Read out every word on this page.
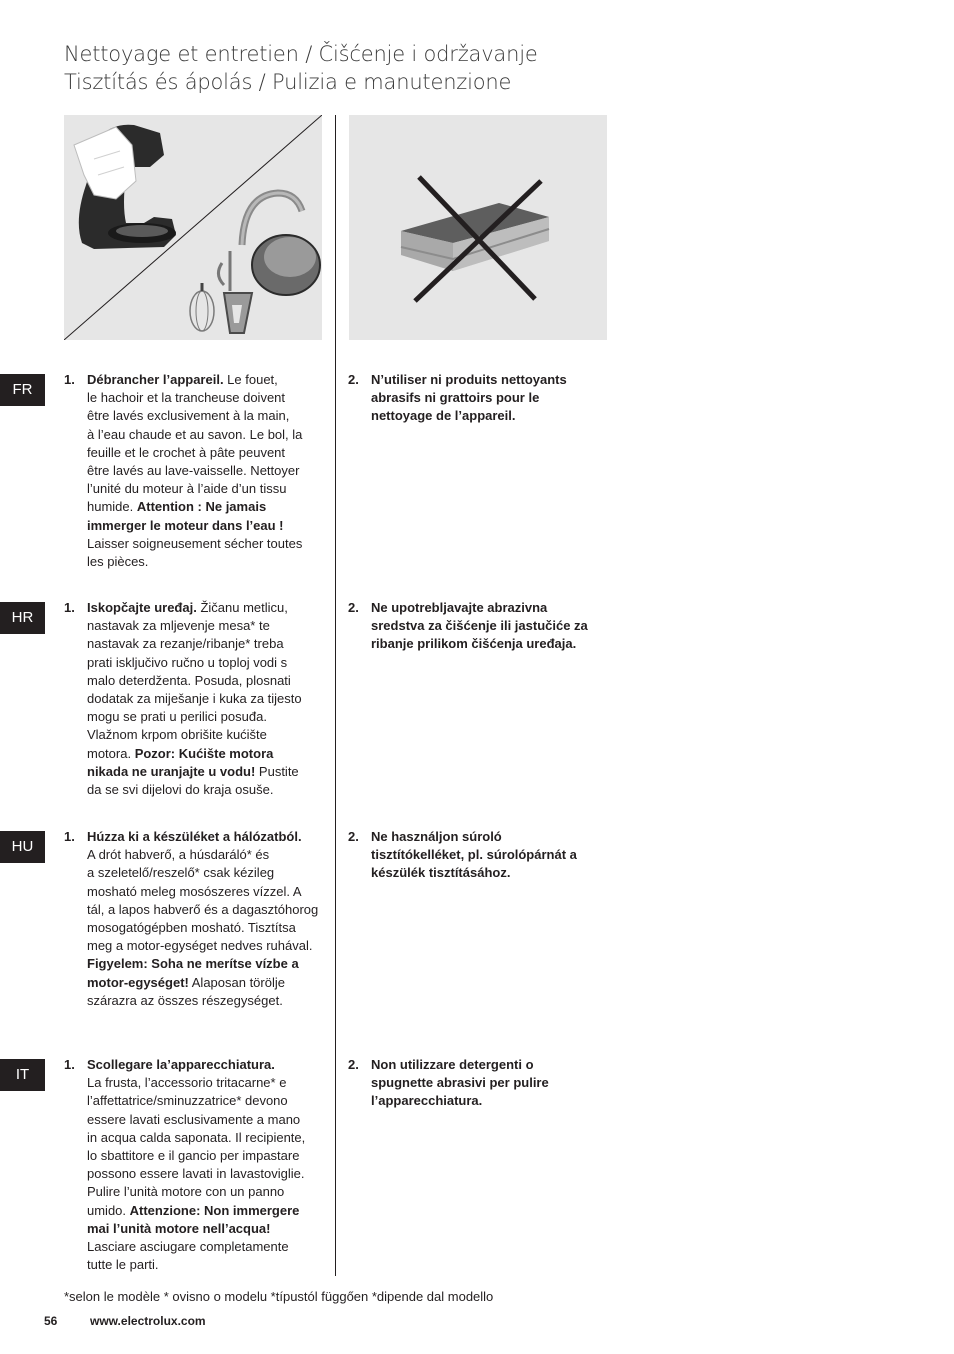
Nettoyage et entretien / Čišćenje i održavanje
Tisztítás és ápolás / Pulizia e manutenzione
FR
HR
HU
IT
1. Débrancher l’appareil. Le fouet,
le hachoir et la trancheuse doivent
être lavés exclusivement à la main,
à l’eau chaude et au savon. Le bol, la
feuille et le crochet à pâte peuvent
être lavés au lave-vaisselle. Nettoyer
l’unité du moteur à l’aide d’un tissu
humide. Attention : Ne jamais
immerger le moteur dans l’eau !
Laisser soigneusement sécher toutes
les pièces.
2. N’utiliser ni produits nettoyants
abrasifs ni grattoirs pour le
nettoyage de l’appareil.
1. Iskopčajte uređaj. Žičanu metlicu,
nastavak za mljevenje mesa* te
nastavak za rezanje/ribanje* treba
prati isključivo ručno u toploj vodi s
malo deterdženta. Posuda, plosnati
dodatak za miješanje i kuka za tijesto
mogu se prati u perilici posuđa.
Vlažnom krpom obrišite kućište
motora. Pozor: Kućište motora
nikada ne uranjajte u vodu! Pustite
da se svi dijelovi do kraja osuše.
2. Ne upotrebljavajte abrazivna
sredstva za čišćenje ili jastučiće za
ribanje prilikom čišćenja uređaja.
1. Húzza ki a készüléket a hálózatból.
A drót habverő, a húsdaráló* és
a szeletelő/reszelő* csak kézileg
mosható meleg mosószeres vízzel. A
tál, a lapos habverő és a dagasztóhorog
mosogatógépben mosható. Tisztítsa
meg a motor-egységet nedves ruhával.
Figyelem: Soha ne merítse vízbe a
motor-egységet! Alaposan törölje
szárazra az összes részegységet.
2. Ne használjon súroló
tisztítókelléket, pl. súrolópárnát a
készülék tisztításához.
1. Scollegare la’apparecchiatura.
La frusta, l’accessorio tritacarne* e
l’affettatrice/sminuzzatrice* devono
essere lavati esclusivamente a mano
in acqua calda saponata. Il recipiente,
lo sbattitore e il gancio per impastare
possono essere lavati in lavastoviglie.
Pulire l’unità motore con un panno
umido. Attenzione: Non immergere
mai l’unità motore nell’acqua!
Lasciare asciugare completamente
tutte le parti.
2. Non utilizzare detergenti o
spugnette abrasivi per pulire
l’apparecchiatura.
*selon le modèle * ovisno o modelu *típustól függően *dipende dal modello
56	www.electrolux.com
